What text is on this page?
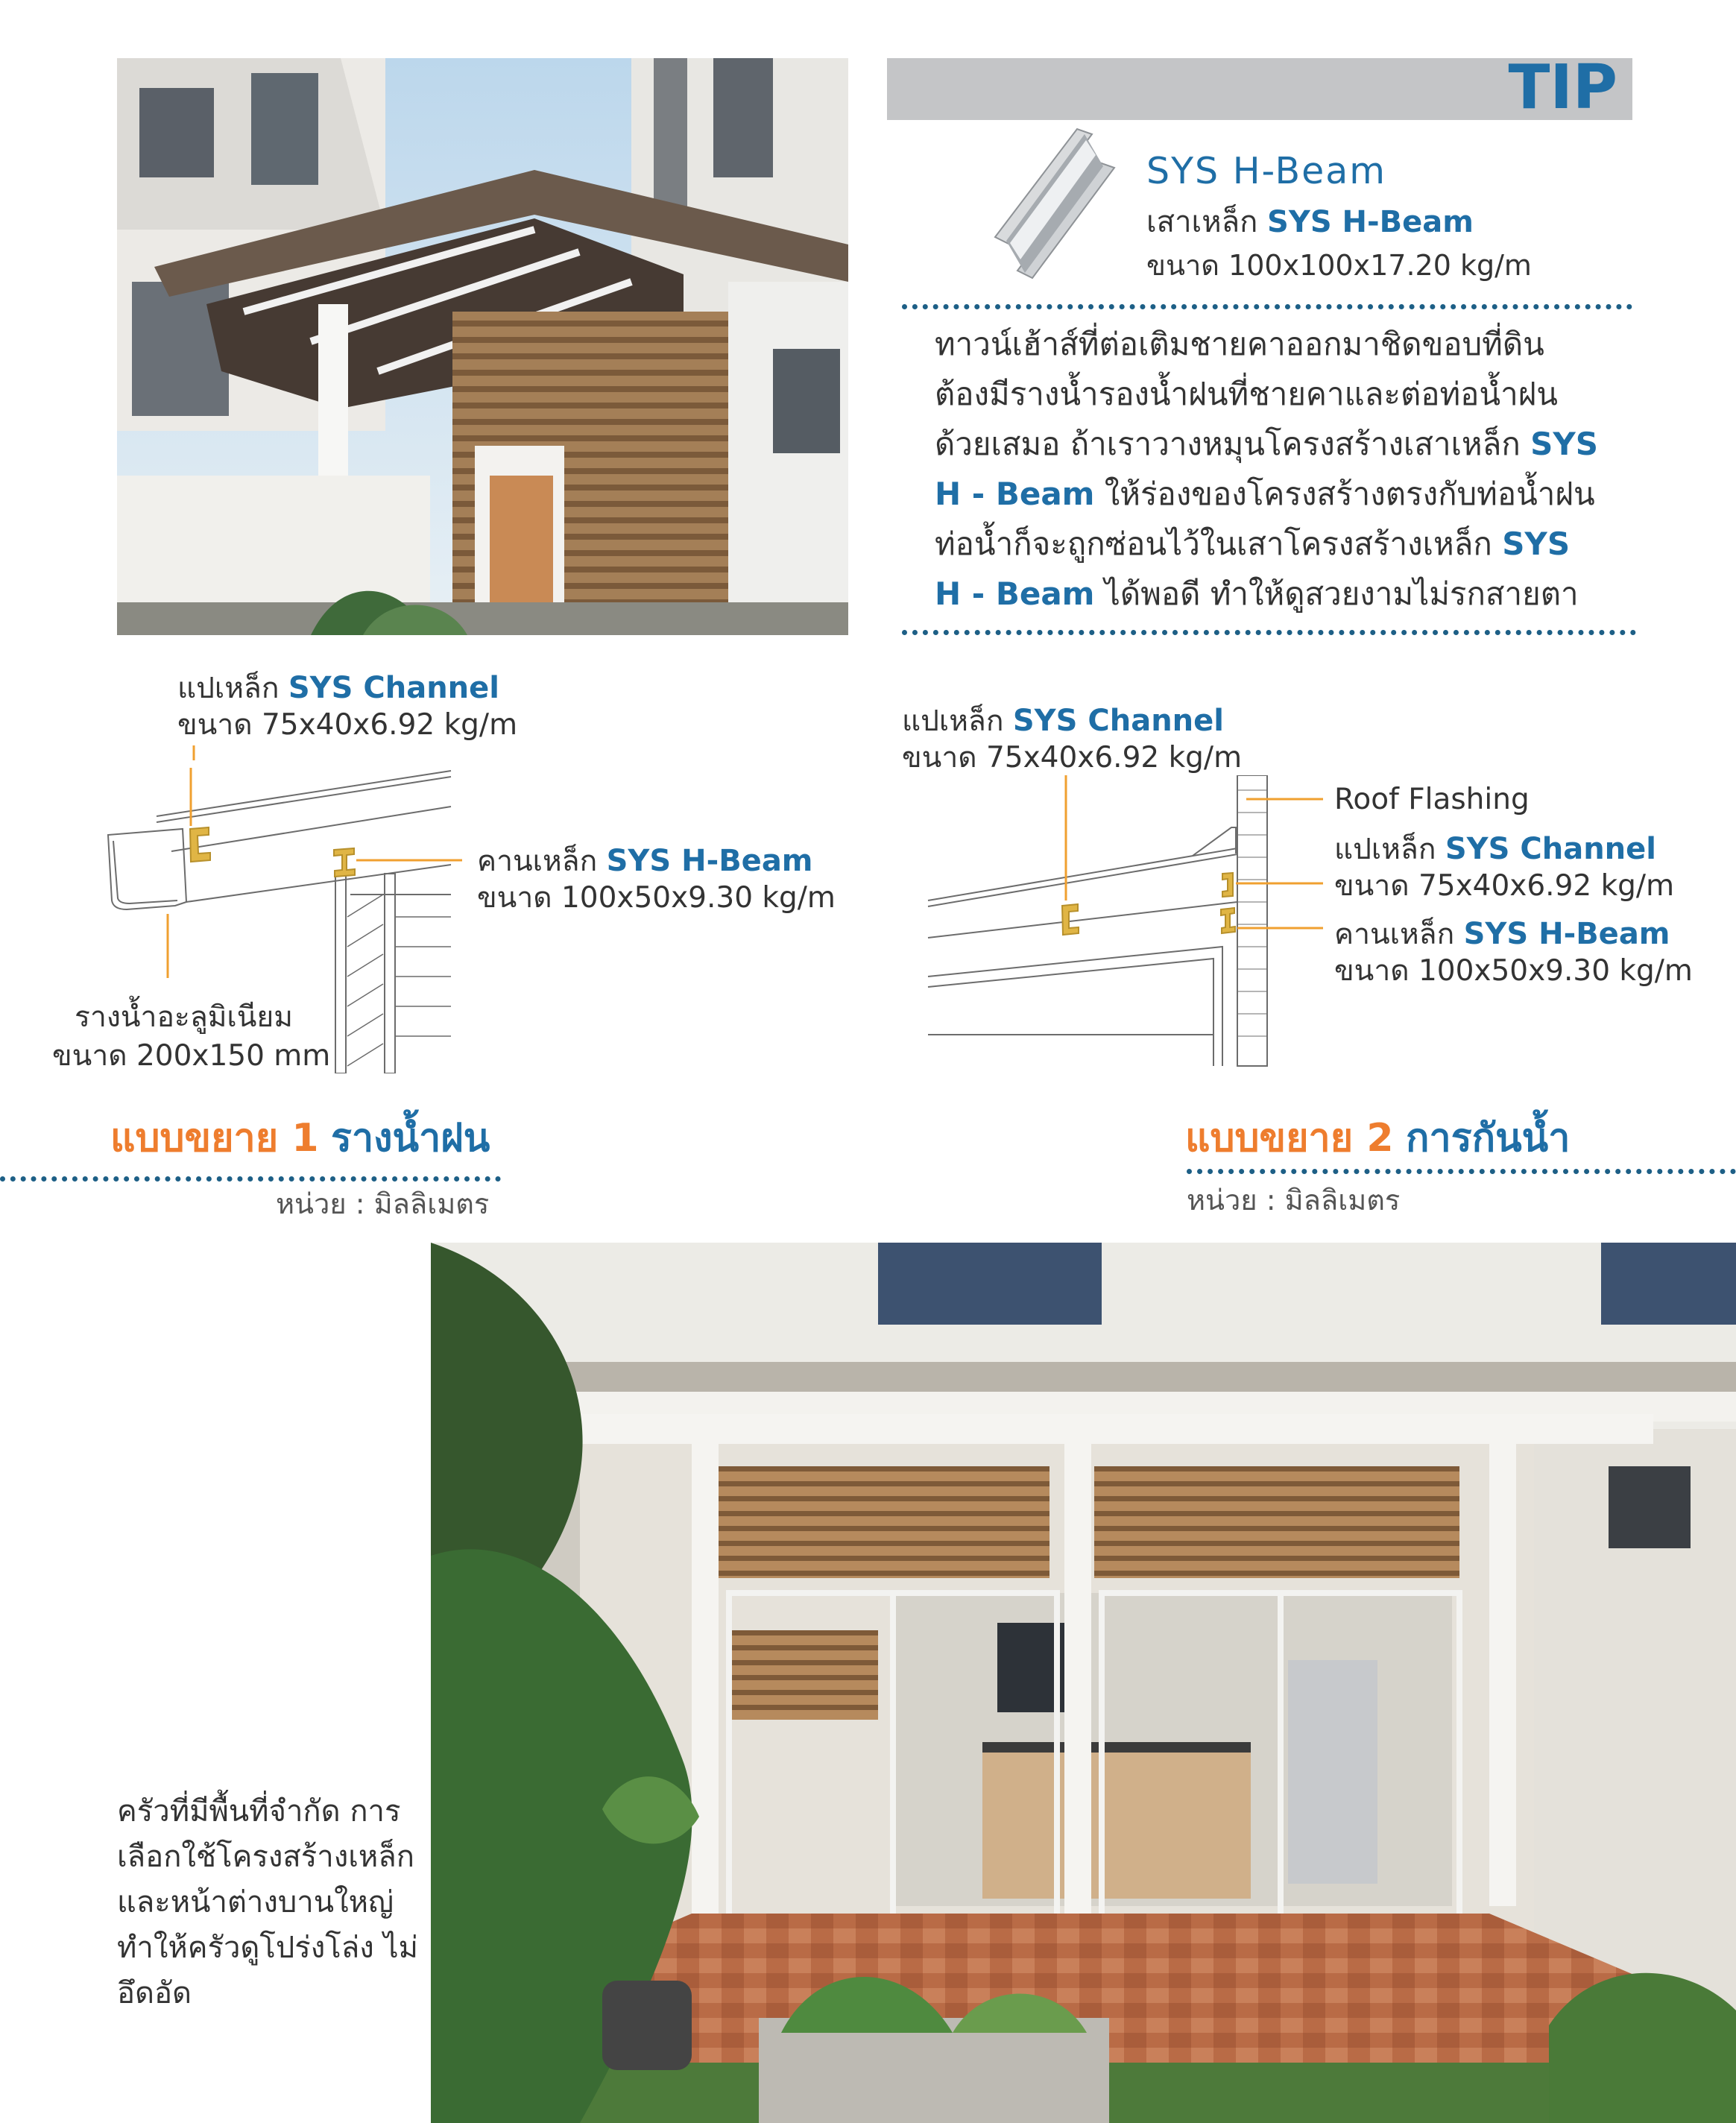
TIP
SYS H-Beam
เสาเหล็ก SYS H-Beam
ขนาด 100x100x17.20 kg/m
ทาวน์เฮ้าส์ที่ต่อเติมชายคาออกมาชิดขอบที่ดิน
ต้องมีรางน้ำรองน้ำฝนที่ชายคาและต่อท่อน้ำฝน
ด้วยเสมอ ถ้าเราวางหมุนโครงสร้างเสาเหล็ก SYS
H - Beam ให้ร่องของโครงสร้างตรงกับท่อน้ำฝน
ท่อน้ำก็จะถูกซ่อนไว้ในเสาโครงสร้างเหล็ก SYS
H - Beam ได้พอดี ทำให้ดูสวยงามไม่รกสายตา
แปเหล็ก SYS Channel
ขนาด 75x40x6.92 kg/m
คานเหล็ก SYS H-Beam
ขนาด 100x50x9.30 kg/m
รางน้ำอะลูมิเนียม
ขนาด 200x150 mm
แบบขยาย 1 รางน้ำฝน
หน่วย : มิลลิเมตร
แปเหล็ก SYS Channel
ขนาด 75x40x6.92 kg/m
Roof Flashing
แปเหล็ก SYS Channel
ขนาด 75x40x6.92 kg/m
คานเหล็ก SYS H-Beam
ขนาด 100x50x9.30 kg/m
แบบขยาย 2 การกันน้ำ
หน่วย : มิลลิเมตร
ครัวที่มีพื้นที่จำกัด การ
เลือกใช้โครงสร้างเหล็ก
และหน้าต่างบานใหญ่
ทำให้ครัวดูโปร่งโล่ง ไม่
อึดอัด
